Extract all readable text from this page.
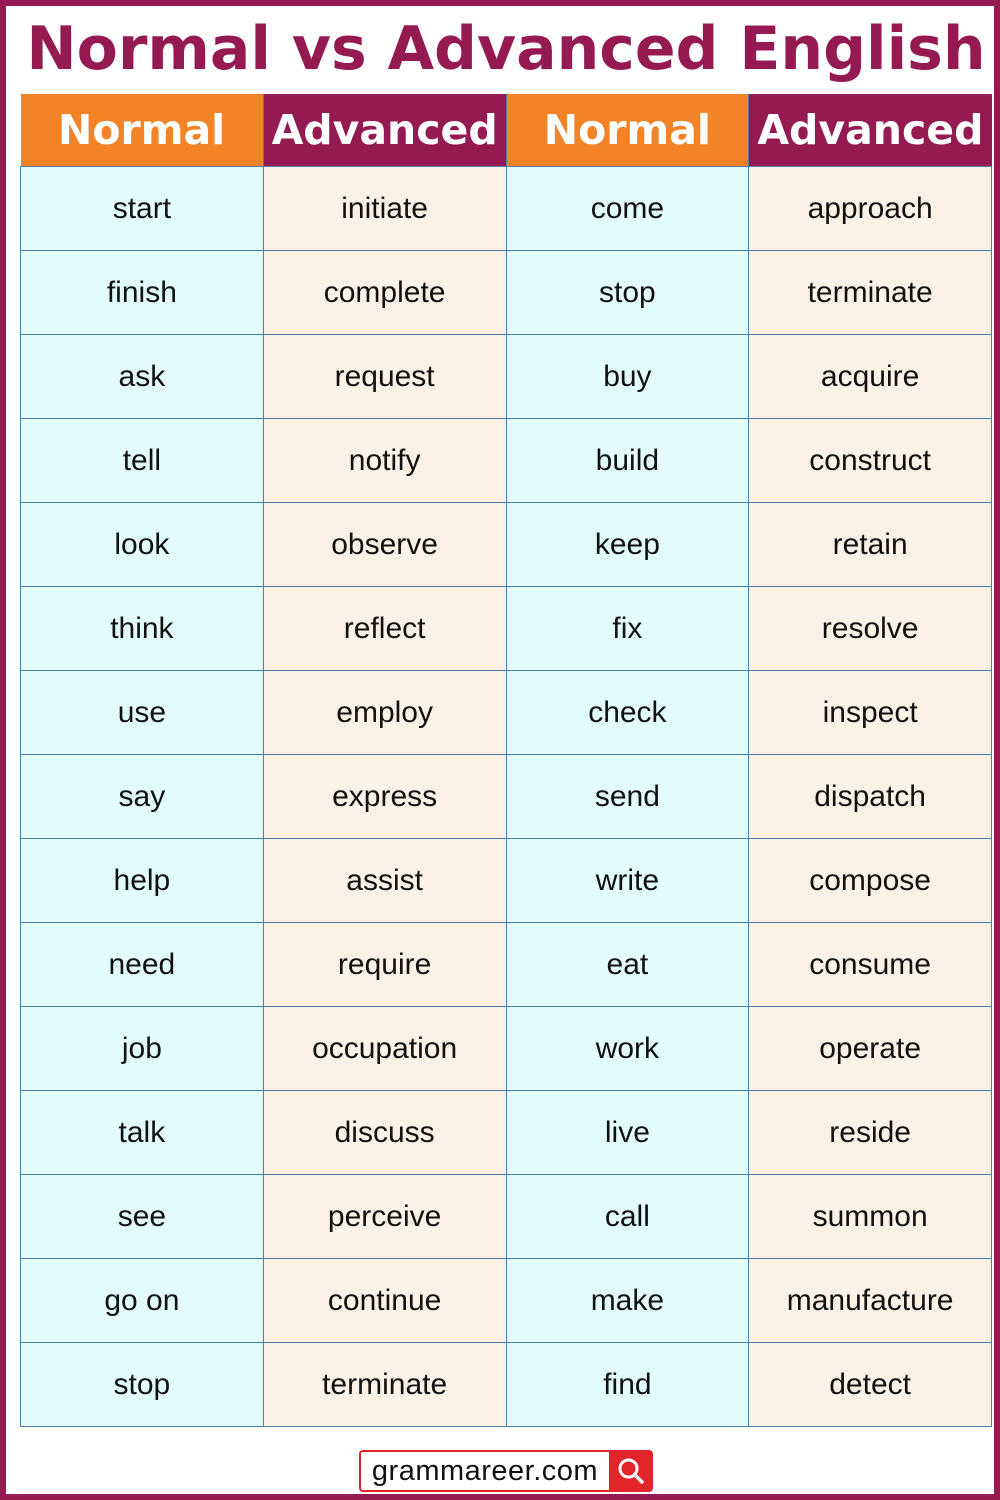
Normal vs Advanced English
Normal	Advanced	Normal	Advanced
start	initiate	come	approach
finish	complete	stop	terminate
ask	request	buy	acquire
tell	notify	build	construct
look	observe	keep	retain
think	reflect	fix	resolve
use	employ	check	inspect
say	express	send	dispatch
help	assist	write	compose
need	require	eat	consume
job	occupation	work	operate
talk	discuss	live	reside
see	perceive	call	summon
go on	continue	make	manufacture
stop	terminate	find	detect
grammareer.com
